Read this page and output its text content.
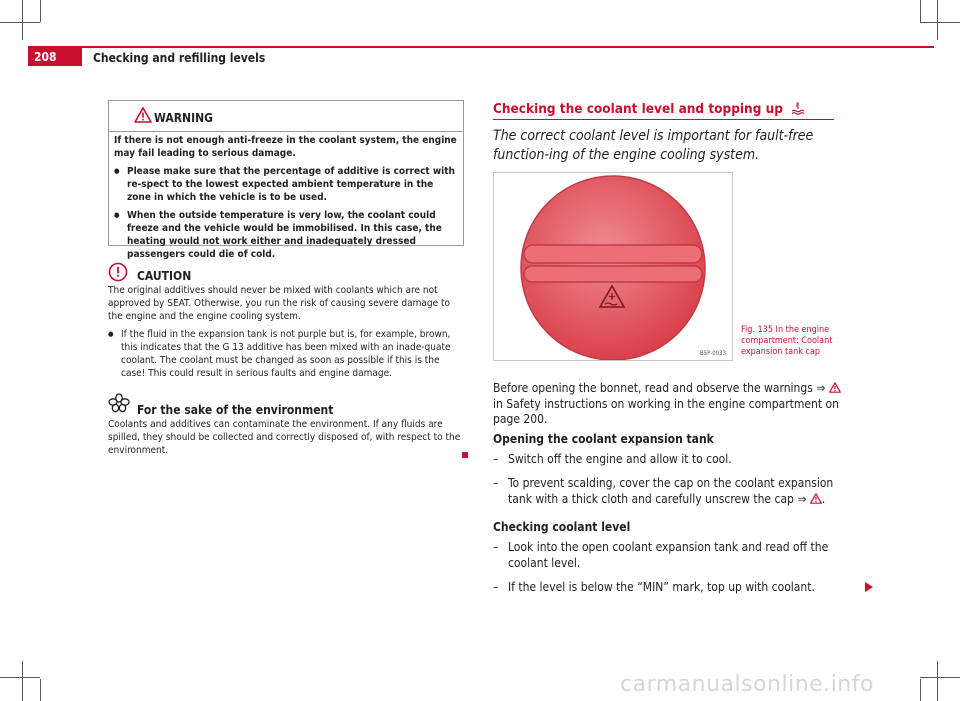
208	Checking and refilling levels
WARNING

If there is not enough anti-freeze in the coolant system, the engine may fail leading to serious damage.

● Please make sure that the percentage of additive is correct with re-spect to the lowest expected ambient temperature in the zone in which the vehicle is to be used.

● When the outside temperature is very low, the coolant could freeze and the vehicle would be immobilised. In this case, the heating would not work either and inadequately dressed passengers could die of cold.

CAUTION

The original additives should never be mixed with coolants which are not approved by SEAT. Otherwise, you run the risk of causing severe damage to the engine and the engine cooling system.

● If the fluid in the expansion tank is not purple but is, for example, brown, this indicates that the G 13 additive has been mixed with an inade-quate coolant. The coolant must be changed as soon as possible if this is the case! This could result in serious faults and engine damage.

For the sake of the environment
Coolants and additives can contaminate the environment. If any fluids are spilled, they should be collected and correctly disposed of, with respect to the environment.
Checking the coolant level and topping up
The correct coolant level is important for fault-free function-ing of the engine cooling system.
B5P-0033
Fig. 135 In the engine compartment: Coolant expansion tank cap
Before opening the bonnet, read and observe the warnings ⇒  in Safety instructions on working in the engine compartment on page 200.
Opening the coolant expansion tank
– Switch off the engine and allow it to cool.
– To prevent scalding, cover the cap on the coolant expansion tank with a thick cloth and carefully unscrew the cap ⇒ .
Checking coolant level
– Look into the open coolant expansion tank and read off the coolant level.
– If the level is below the “MIN” mark, top up with coolant.
carmanualsonline.info
